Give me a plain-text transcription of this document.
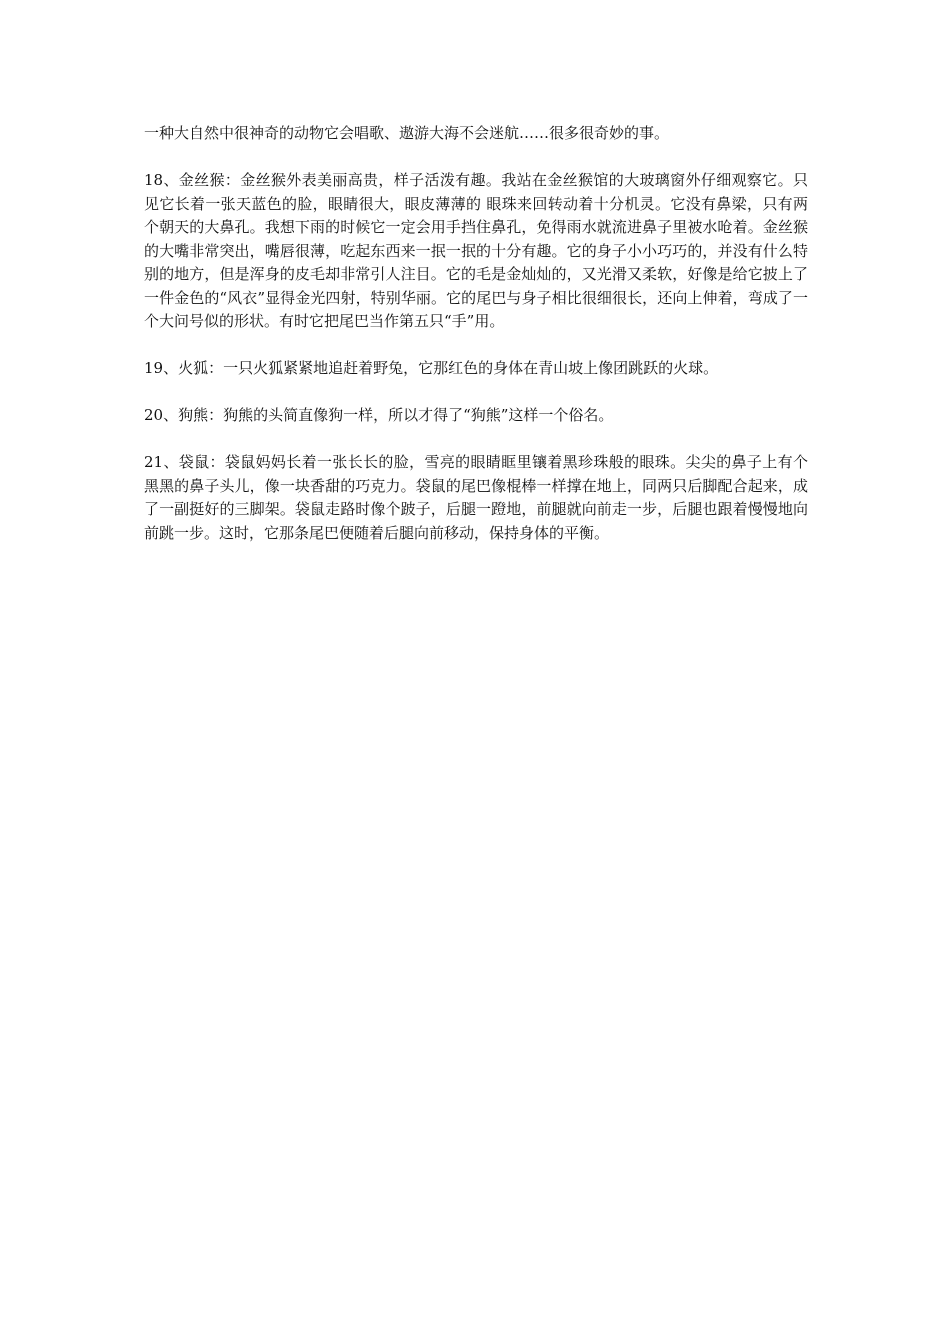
一种大自然中很神奇的动物它会唱歌、遨游大海不会迷航……很多很奇妙的事。

18、金丝猴：金丝猴外表美丽高贵，样子活泼有趣。我站在金丝猴馆的大玻璃窗外仔细观察它。只见它长着一张天蓝色的脸，眼睛很大，眼皮薄薄的 眼珠来回转动着十分机灵。它没有鼻梁，只有两个朝天的大鼻孔。我想下雨的时候它一定会用手挡住鼻孔，免得雨水就流进鼻子里被水呛着。金丝猴的大嘴非常突出，嘴唇很薄，吃起东西来一抿一抿的十分有趣。它的身子小小巧巧的，并没有什么特别的地方，但是浑身的皮毛却非常引人注目。它的毛是金灿灿的，又光滑又柔软，好像是给它披上了一件金色的“风衣”显得金光四射，特别华丽。它的尾巴与身子相比很细很长，还向上伸着，弯成了一个大问号似的形状。有时它把尾巴当作第五只“手”用。

19、火狐：一只火狐紧紧地追赶着野兔，它那红色的身体在青山坡上像团跳跃的火球。

20、狗熊：狗熊的头简直像狗一样，所以才得了“狗熊”这样一个俗名。

21、袋鼠：袋鼠妈妈长着一张长长的脸，雪亮的眼睛眶里镶着黑珍珠般的眼珠。尖尖的鼻子上有个黑黑的鼻子头儿，像一块香甜的巧克力。袋鼠的尾巴像棍棒一样撑在地上，同两只后脚配合起来，成了一副挺好的三脚架。袋鼠走路时像个跛子，后腿一蹬地，前腿就向前走一步，后腿也跟着慢慢地向前跳一步。这时，它那条尾巴便随着后腿向前移动，保持身体的平衡。
